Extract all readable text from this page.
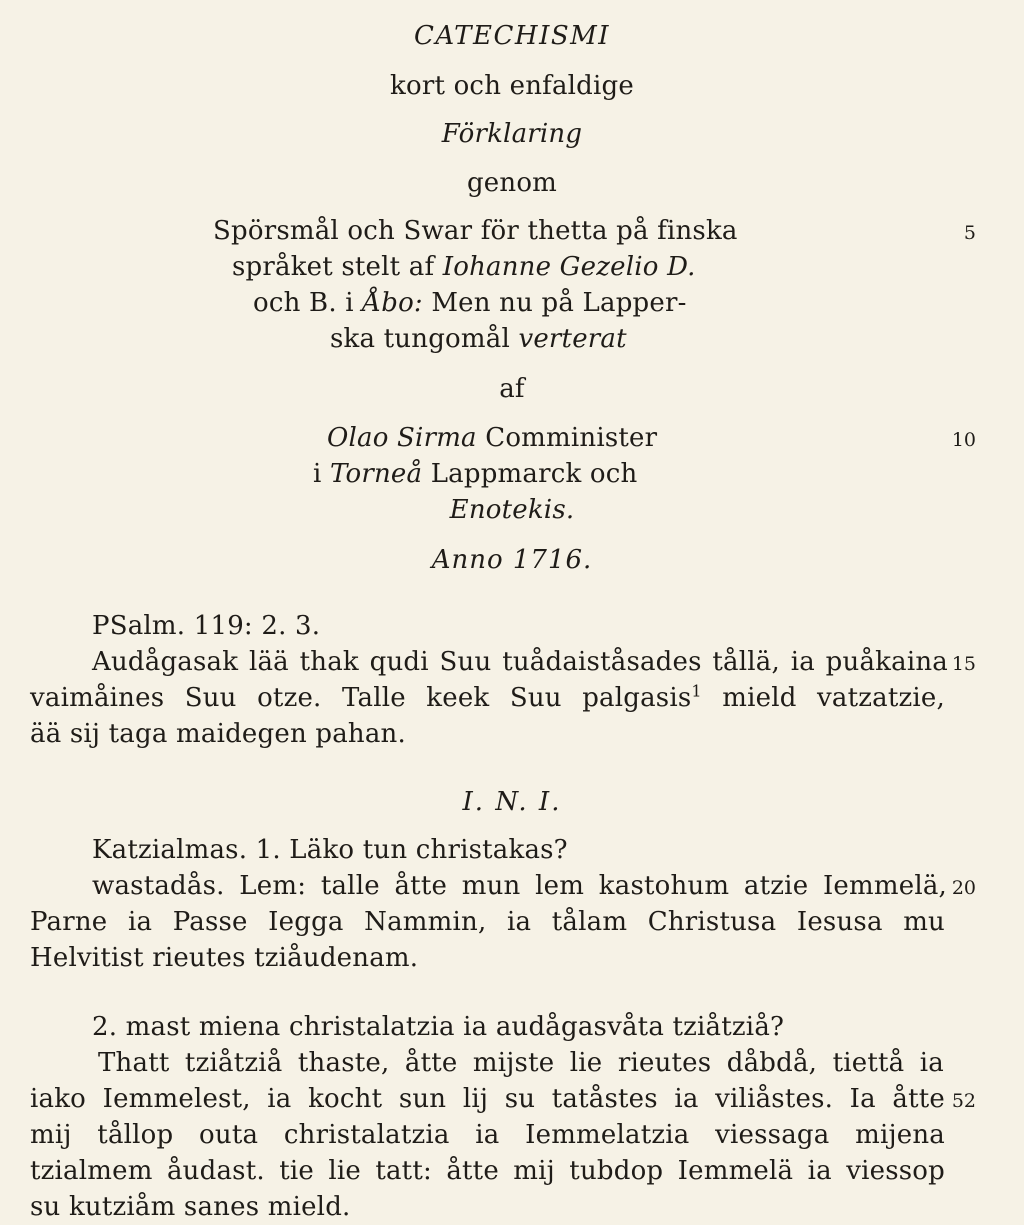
CATECHISMI
kort och enfaldige
Förklaring
genom
Spörsmål och Swar för thetta på finska
språket stelt af Iohanne Gezelio D.
och B. i Åbo: Men nu på Lapper-
ska tungomål verterat
af
Olao Sirma Comminister
i Torneå Lappmarck och
Enotekis.
Anno 1716.
PSalm. 119: 2. 3.
Audågasak lää thak qudi Suu tuådaiståsades tållä, ia puåkaina
vaimåines Suu otze. Talle keek Suu palgasis$^1$ mield vatzatzie,
ää sij taga maidegen pahan.
I. N. I.
Katzialmas. 1. Läko tun christakas?
wastadås. Lem: talle åtte mun lem kastohum atzie Iemmelä,
Parne ia Passe Iegga Nammin, ia tålam Christusa Iesusa mu
Helvitist rieutes tziåudenam.
2. mast miena christalatzia ia audågasvåta tziåtziå?
Thatt tziåtziå thaste, åtte mijste lie rieutes dåbdå, tiettå ia
iako Iemmelest, ia kocht sun lij su tatåstes ia viliåstes. Ia åtte
mij tållop outa christalatzia ia Iemmelatzia viessaga mijena
tzialmem åudast. tie lie tatt: åtte mij tubdop Iemmelä ia viessop
su kutziåm sanes mield.
5
10
15
20
52
